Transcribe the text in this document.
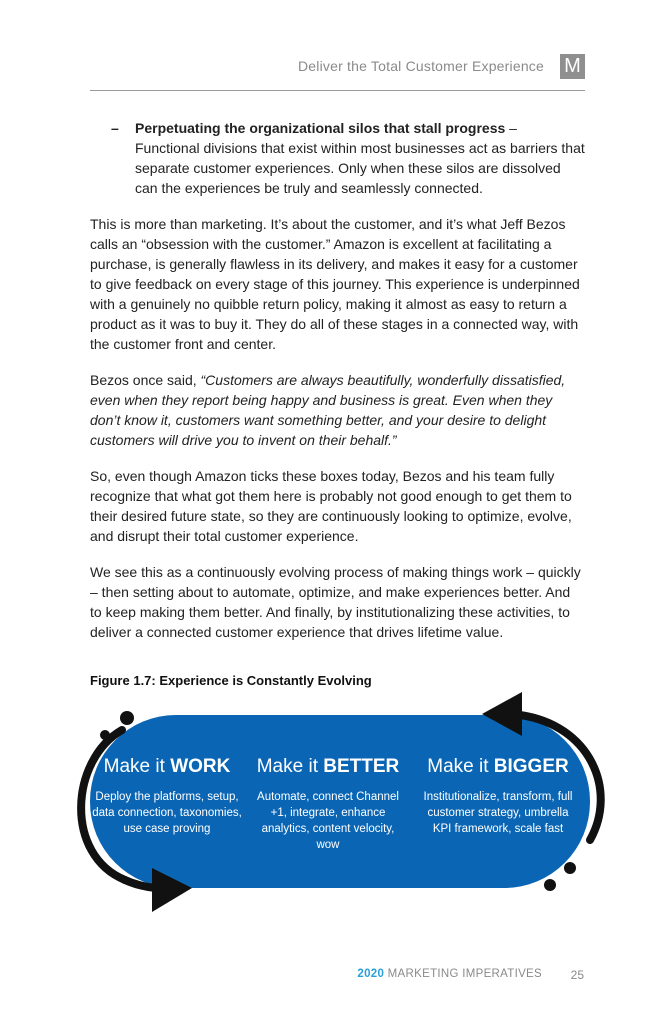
Deliver the Total Customer Experience M
– Perpetuating the organizational silos that stall progress – Functional divisions that exist within most businesses act as barriers that separate customer experiences. Only when these silos are dissolved can the experiences be truly and seamlessly connected.

This is more than marketing. It’s about the customer, and it’s what Jeff Bezos calls an “obsession with the customer.” Amazon is excellent at facilitating a purchase, is generally flawless in its delivery, and makes it easy for a customer to give feedback on every stage of this journey. This experience is underpinned with a genuinely no quibble return policy, making it almost as easy to return a product as it was to buy it. They do all of these stages in a connected way, with the customer front and center.

Bezos once said, “Customers are always beautifully, wonderfully dissatisfied, even when they report being happy and business is great. Even when they don’t know it, customers want something better, and your desire to delight customers will drive you to invent on their behalf.”

So, even though Amazon ticks these boxes today, Bezos and his team fully recognize that what got them here is probably not good enough to get them to their desired future state, so they are continuously looking to optimize, evolve, and disrupt their total customer experience.

We see this as a continuously evolving process of making things work – quickly – then setting about to automate, optimize, and make experiences better. And to keep making them better. And finally, by institutionalizing these activities, to deliver a connected customer experience that drives lifetime value.

Figure 1.7: Experience is Constantly Evolving
Make it WORK
Deploy the platforms, setup, data connection, taxonomies, use case proving
Make it BETTER
Automate, connect Channel +1, integrate, enhance analytics, content velocity, wow
Make it BIGGER
Institutionalize, transform, full customer strategy, umbrella KPI framework, scale fast
2020 MARKETING IMPERATIVES 25
